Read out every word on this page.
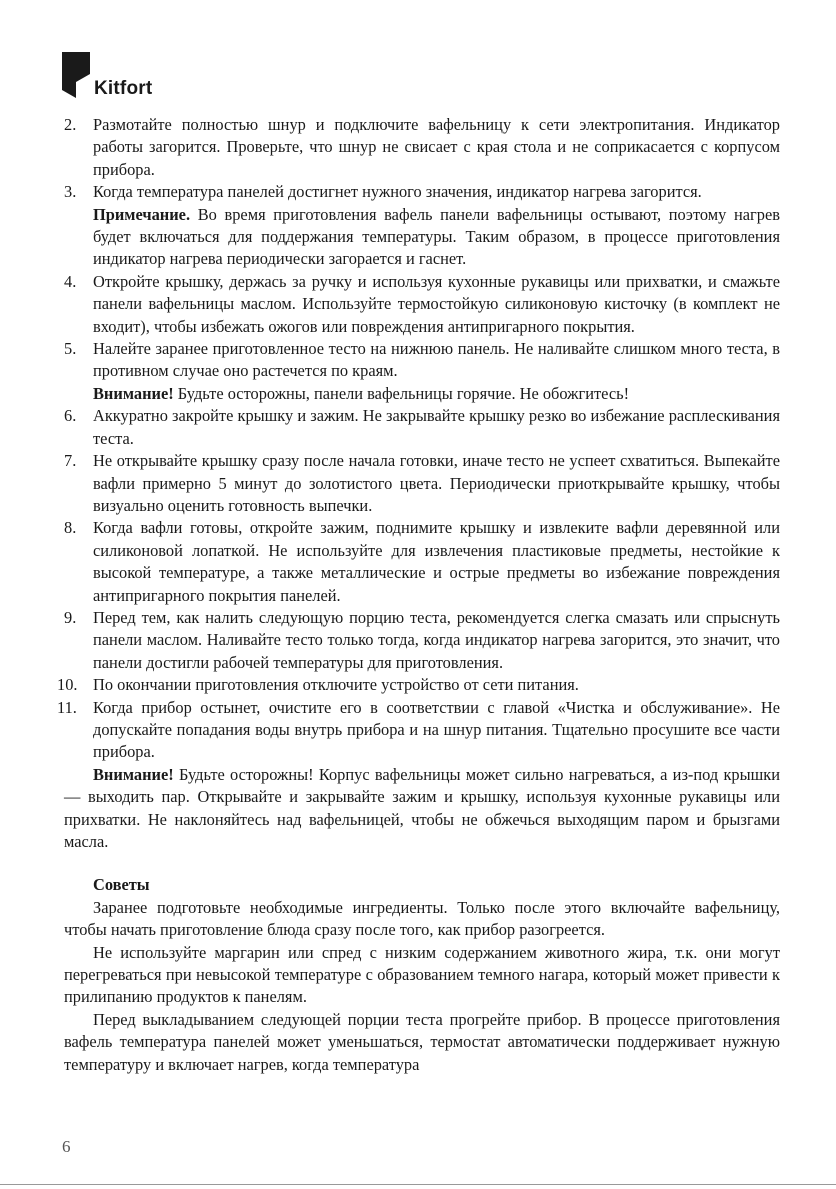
Kitfort
2.	Размотайте полностью шнур и подключите вафельницу к сети электропитания. Индикатор работы загорится. Проверьте, что шнур не свисает с края стола и не соприкасается с корпусом прибора.
3.	Когда температура панелей достигнет нужного значения, индикатор нагрева загорится.

Примечание. Во время приготовления вафель панели вафельницы остывают, поэтому нагрев будет включаться для поддержания температуры. Таким образом, в процессе приготовления индикатор нагрева периодически загорается и гаснет.

4.	Откройте крышку, держась за ручку и используя кухонные рукавицы или прихватки, и смажьте панели вафельницы маслом. Используйте термостойкую силиконовую кисточку (в комплект не входит), чтобы избежать ожогов или повреждения антипригарного покрытия.
5.	Налейте заранее приготовленное тесто на нижнюю панель. Не наливайте слишком много теста, в противном случае оно растечется по краям.

Внимание! Будьте осторожны, панели вафельницы горячие. Не обожгитесь!

6.	Аккуратно закройте крышку и зажим. Не закрывайте крышку резко во избежание расплескивания теста.
7.	Не открывайте крышку сразу после начала готовки, иначе тесто не успеет схватиться. Выпекайте вафли примерно 5 минут до золотистого цвета. Периодически приоткрывайте крышку, чтобы визуально оценить готовность выпечки.
8.	Когда вафли готовы, откройте зажим, поднимите крышку и извлеките вафли деревянной или силиконовой лопаткой. Не используйте для извлечения пластиковые предметы, нестойкие к высокой температуре, а также металлические и острые предметы во избежание повреждения антипригарного покрытия панелей.
9.	Перед тем, как налить следующую порцию теста, рекомендуется слегка смазать или спрыснуть панели маслом. Наливайте тесто только тогда, когда индикатор нагрева загорится, это значит, что панели достигли рабочей температуры для приготовления.
10. По окончании приготовления отключите устройство от сети питания.
11. Когда прибор остынет, очистите его в соответствии с главой «Чистка и обслуживание». Не допускайте попадания воды внутрь прибора и на шнур питания. Тщательно просушите все части прибора.

Внимание! Будьте осторожны! Корпус вафельницы может сильно нагреваться, а из-под крышки — выходить пар. Открывайте и закрывайте зажим и крышку, используя кухонные рукавицы или прихватки. Не наклоняйтесь над вафельницей, чтобы не обжечься выходящим паром и брызгами масла.

Советы

Заранее подготовьте необходимые ингредиенты. Только после этого включайте вафельницу, чтобы начать приготовление блюда сразу после того, как прибор разогреется.

Не используйте маргарин или спред с низким содержанием животного жира, т.к. они могут перегреваться при невысокой температуре с образованием темного нагара, который может привести к прилипанию продуктов к панелям.

Перед выкладыванием следующей порции теста прогрейте прибор. В процессе приготовления вафель температура панелей может уменьшаться, термостат автоматически поддерживает нужную температуру и включает нагрев, когда температура

6
